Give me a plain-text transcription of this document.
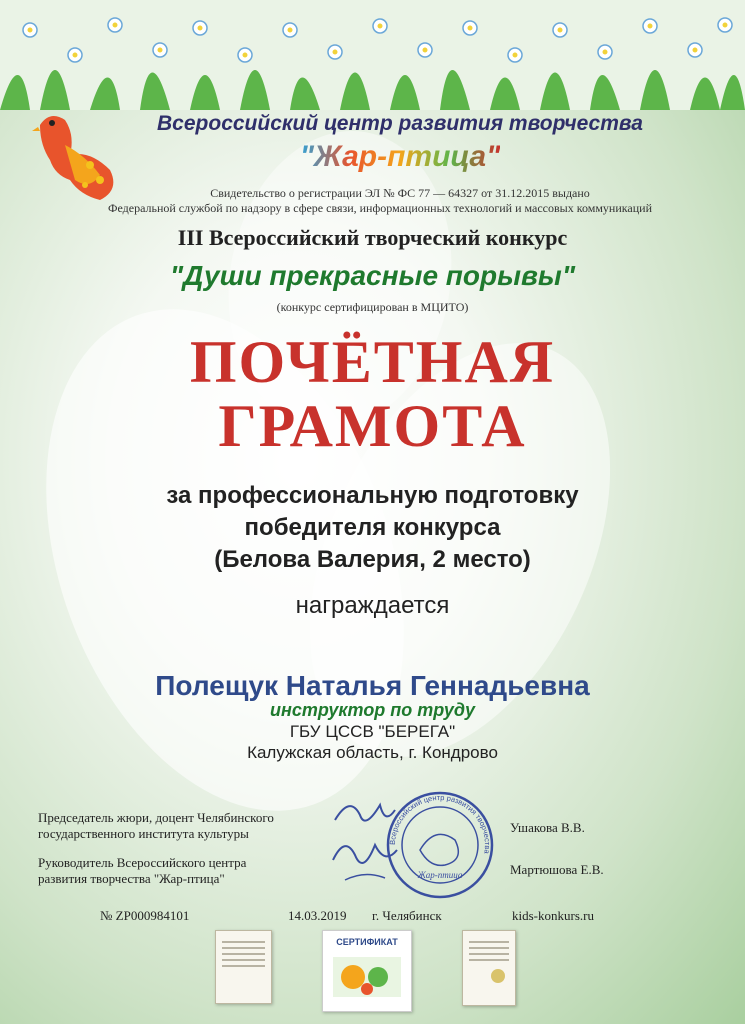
Всероссийский центр развития творчества
"Жар-птица"
Свидетельство о регистрации ЭЛ № ФС 77 — 64327 от 31.12.2015 выдано
Федеральной службой по надзору в сфере связи, информационных технологий и массовых коммуникаций
III Всероссийский творческий конкурс
"Души прекрасные порывы"
(конкурс сертифицирован в МЦИТО)
ПОЧЁТНАЯ
ГРАМОТА
за профессиональную подготовку
победителя конкурса
(Белова Валерия, 2 место)
награждается
Полещук Наталья Геннадьевна
инструктор по труду
ГБУ ЦССВ "БЕРЕГА"
Калужская область, г. Кондрово
Председатель жюри, доцент Челябинского
государственного института культуры	Ушакова В.В.
Руководитель Всероссийского центра
развития творчества "Жар-птица"
Мартюшова Е.В.
Всероссийский центр развития творчества
Жар-птица
№ ZP000984101	14.03.2019 г. Челябинск	kids-konkurs.ru
СЕРТИФИКАТ
